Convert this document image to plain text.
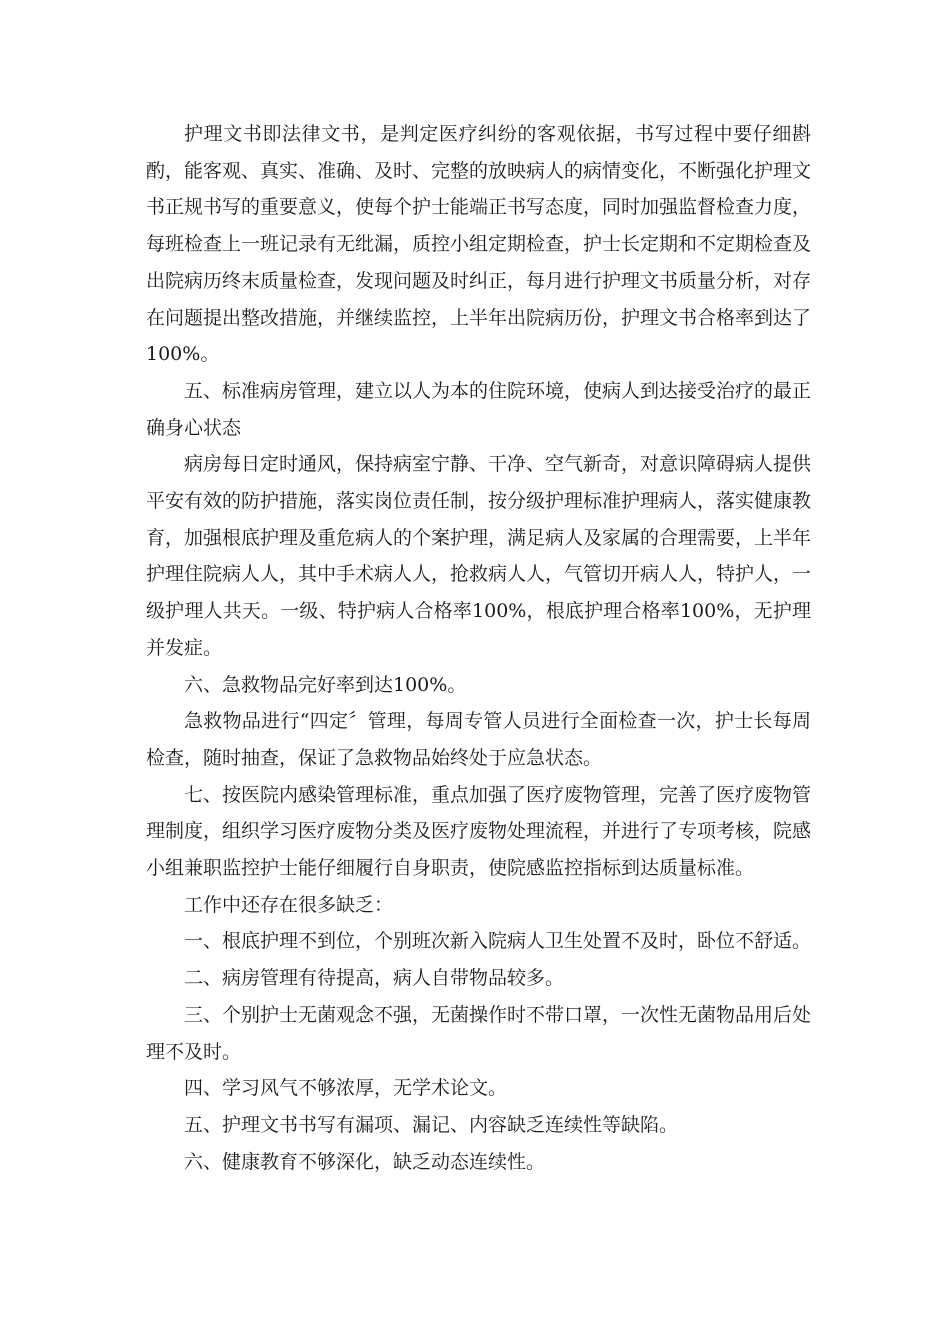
护理文书即法律文书，是判定医疗纠纷的客观依据，书写过程中要仔细斟酌，能客观、真实、准确、及时、完整的放映病人的病情变化，不断强化护理文书正规书写的重要意义，使每个护士能端正书写态度，同时加强监督检查力度，每班检查上一班记录有无纰漏，质控小组定期检查，护士长定期和不定期检查及出院病历终末质量检查，发现问题及时纠正，每月进行护理文书质量分析，对存在问题提出整改措施，并继续监控，上半年出院病历份，护理文书合格率到达了100%。

五、标准病房管理，建立以人为本的住院环境，使病人到达接受治疗的最正确身心状态

病房每日定时通风，保持病室宁静、干净、空气新奇，对意识障碍病人提供平安有效的防护措施，落实岗位责任制，按分级护理标准护理病人，落实健康教育，加强根底护理及重危病人的个案护理，满足病人及家属的合理需要，上半年护理住院病人人，其中手术病人人，抢救病人人，气管切开病人人，特护人，一级护理人共天。一级、特护病人合格率100%，根底护理合格率100%，无护理并发症。

六、急救物品完好率到达100%。

急救物品进行“四定〞管理，每周专管人员进行全面检查一次，护士长每周检查，随时抽查，保证了急救物品始终处于应急状态。

七、按医院内感染管理标准，重点加强了医疗废物管理，完善了医疗废物管理制度，组织学习医疗废物分类及医疗废物处理流程，并进行了专项考核，院感小组兼职监控护士能仔细履行自身职责，使院感监控指标到达质量标准。

工作中还存在很多缺乏：

一、根底护理不到位，个别班次新入院病人卫生处置不及时，卧位不舒适。

二、病房管理有待提高，病人自带物品较多。

三、个别护士无菌观念不强，无菌操作时不带口罩，一次性无菌物品用后处理不及时。

四、学习风气不够浓厚，无学术论文。

五、护理文书书写有漏项、漏记、内容缺乏连续性等缺陷。

六、健康教育不够深化，缺乏动态连续性。
